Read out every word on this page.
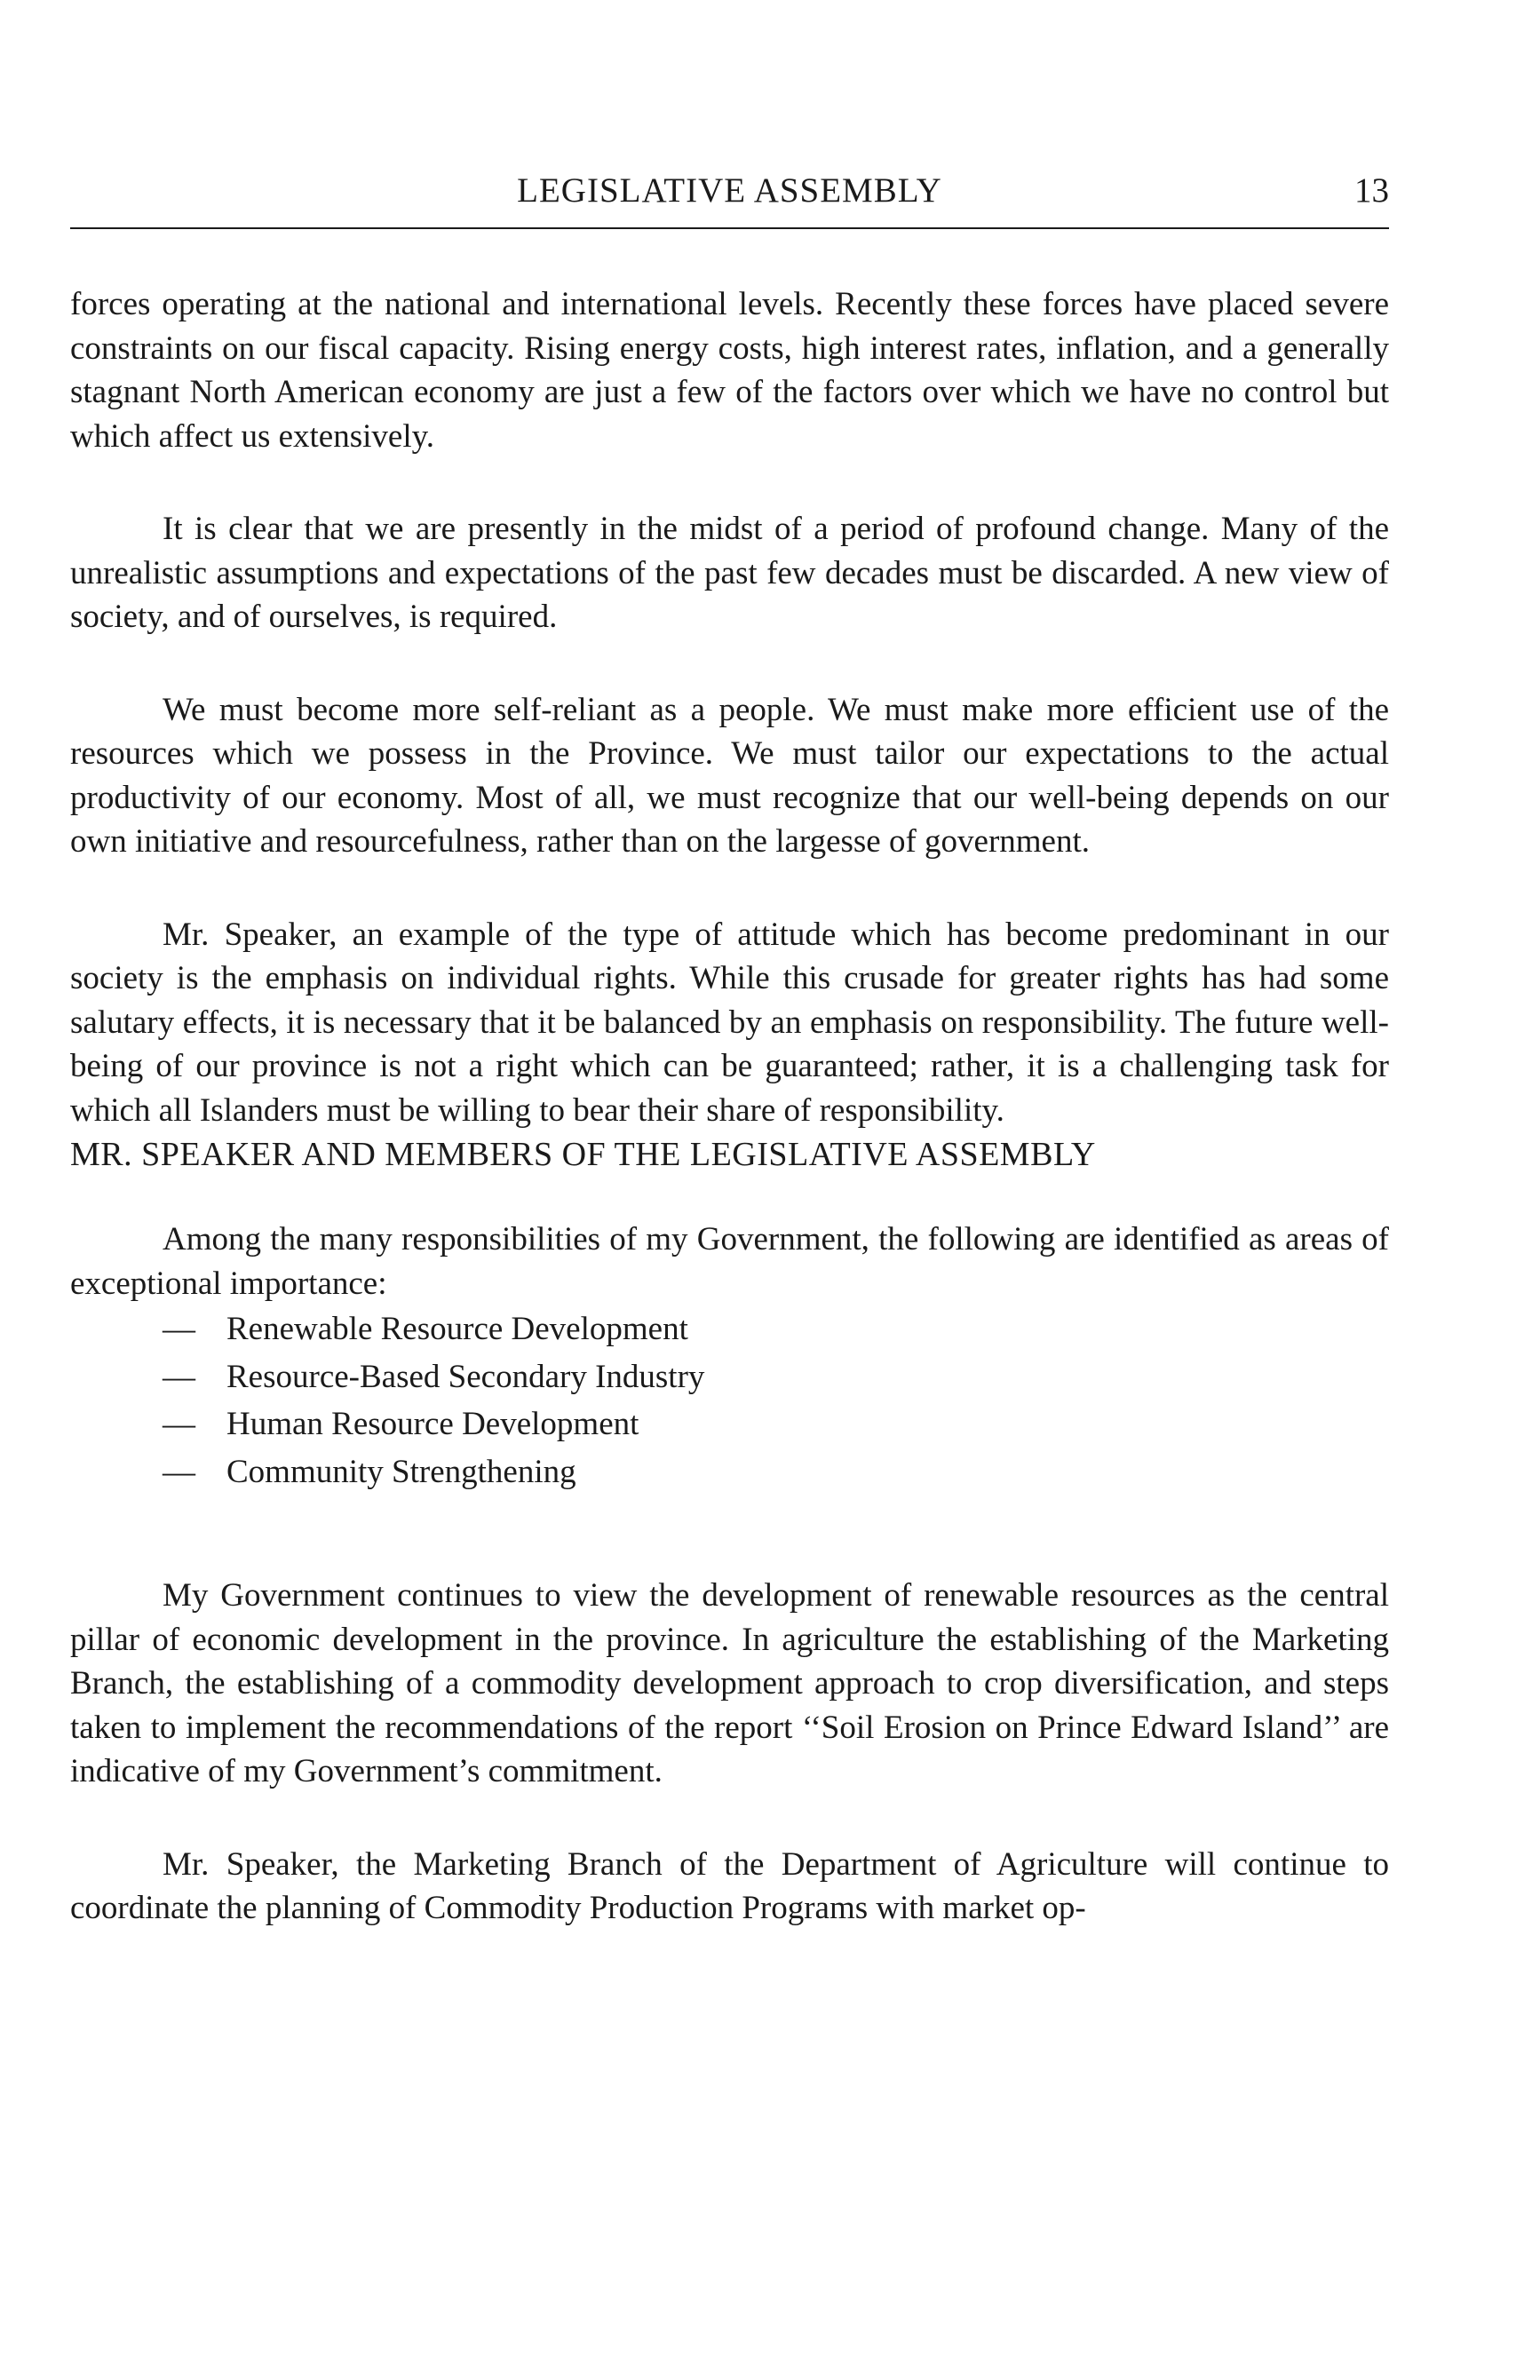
LEGISLATIVE ASSEMBLY	13

forces operating at the national and international levels. Recently these forces have placed severe constraints on our fiscal capacity. Rising energy costs, high interest rates, inflation, and a generally stagnant North American economy are just a few of the factors over which we have no control but which affect us extensively.

It is clear that we are presently in the midst of a period of profound change. Many of the unrealistic assumptions and expectations of the past few decades must be discarded. A new view of society, and of ourselves, is required.

We must become more self-reliant as a people. We must make more efficient use of the resources which we possess in the Province. We must tailor our expectations to the actual productivity of our economy. Most of all, we must recognize that our well-being depends on our own initiative and resourcefulness, rather than on the largesse of government.

Mr. Speaker, an example of the type of attitude which has become predominant in our society is the emphasis on individual rights. While this crusade for greater rights has had some salutary effects, it is necessary that it be balanced by an emphasis on responsibility. The future well-being of our province is not a right which can be guaranteed; rather, it is a challenging task for which all Islanders must be willing to bear their share of responsibility.

MR. SPEAKER AND MEMBERS OF THE LEGISLATIVE ASSEMBLY

Among the many responsibilities of my Government, the following are identified as areas of exceptional importance:

— Renewable Resource Development
— Resource-Based Secondary Industry
— Human Resource Development
— Community Strengthening

My Government continues to view the development of renewable resources as the central pillar of economic development in the province. In agriculture the establishing of the Marketing Branch, the establishing of a commodity development approach to crop diversification, and steps taken to implement the recommendations of the report ‘‘Soil Erosion on Prince Edward Island’’ are indicative of my Government’s commitment.

Mr. Speaker, the Marketing Branch of the Department of Agriculture will continue to coordinate the planning of Commodity Production Programs with market op-
